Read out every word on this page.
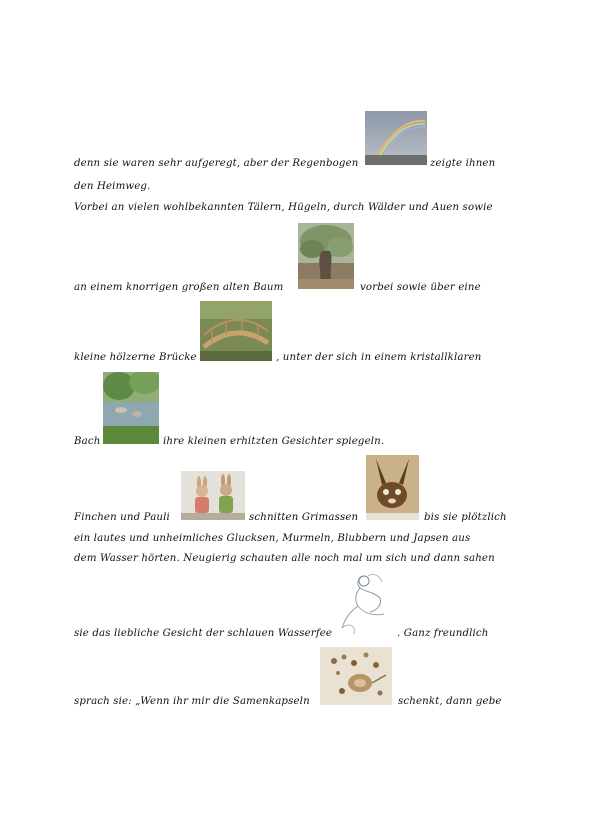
denn sie waren sehr aufgeregt, aber der Regenbogen	zeigte ihnen
den Heimweg.
Vorbei an vielen wohlbekannten Tälern, Hügeln, durch Wälder und Auen sowie
an einem knorrigen großen alten Baum	vorbei sowie über eine
kleine hölzerne Brücke	, unter der sich in einem kristallklaren
Bach	ihre kleinen erhitzten Gesichter spiegeln.
Finchen und Pauli	schnitten Grimassen	bis sie plötzlich
ein lautes und unheimliches Glucksen, Murmeln, Blubbern und Japsen aus
dem Wasser hörten. Neugierig schauten alle noch mal um sich und dann sahen
sie das liebliche Gesicht der schlauen Wasserfee	. Ganz freundlich
sprach sie: „Wenn ihr mir die Samenkapseln	schenkt, dann gebe
